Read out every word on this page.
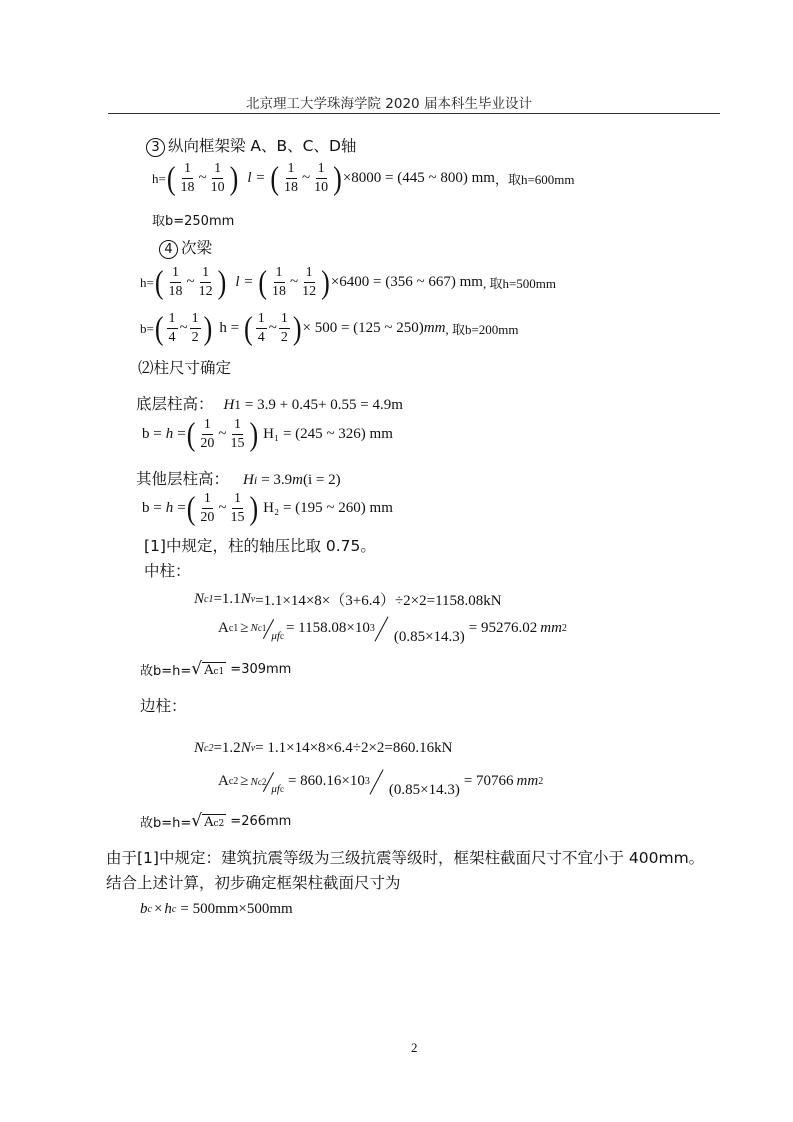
北京理工大学珠海学院 2020 届本科生毕业设计
3 纵向框架梁 A、B、C、D轴
h= ( $\frac{1}{18}$ ~ $\frac{1}{10}$ ) l = ( $\frac{1}{18}$ ~ $\frac{1}{10}$ ) ×8000 = (445 ~ 800) mm ，取h=600mm
取b=250mm
4 次梁
h= ( $\frac{1}{18}$ ~ $\frac{1}{12}$ ) l = ( $\frac{1}{18}$ ~ $\frac{1}{12}$ ) ×6400 = (356 ~ 667) mm , 取h=500mm
b= ( $\frac{1}{4}$ ~ $\frac{1}{2}$ ) h = ( $\frac{1}{4}$ ~ $\frac{1}{2}$ ) × 500 = (125 ~ 250) mm , 取b=200mm
⑵柱尺寸确定
底层柱高： H 1 = 3.9 + 0.45+ 0.55 = 4.9m
b = h = ( $\frac{1}{20}$ ~ $\frac{1}{15}$ ) H₁ = (245 ~ 326) mm
其他层柱高： H i = 3.9 m (i = 2)
b = h = ( $\frac{1}{20}$ ~ $\frac{1}{15}$ ) H₂ = (195 ~ 260) mm
[1]中规定，柱的轴压比取 0.75。
中柱：
N c1 =1.1 N v =1.1×14×8×（3+6.4）÷2×2=1158.08kN
A c1 ≥ Nc1
μfc = 1158.08×10 3
(0.85×14.3)
= 95276.02 mm 2
故b=h= √ Ac1 =309mm
边柱：
N c2 =1.2 N v = 1.1×14×8×6.4÷2×2=860.16kN
A c2 ≥ Nc2
μfc = 860.16×10 3
(0.85×14.3)
= 70766 mm 2
故b=h= √ Ac2 =266mm
由于[1]中规定：建筑抗震等级为三级抗震等级时，框架柱截面尺寸不宜小于 400mm。
结合上述计算，初步确定框架柱截面尺寸为
b c × h c = 500mm×500mm
2
